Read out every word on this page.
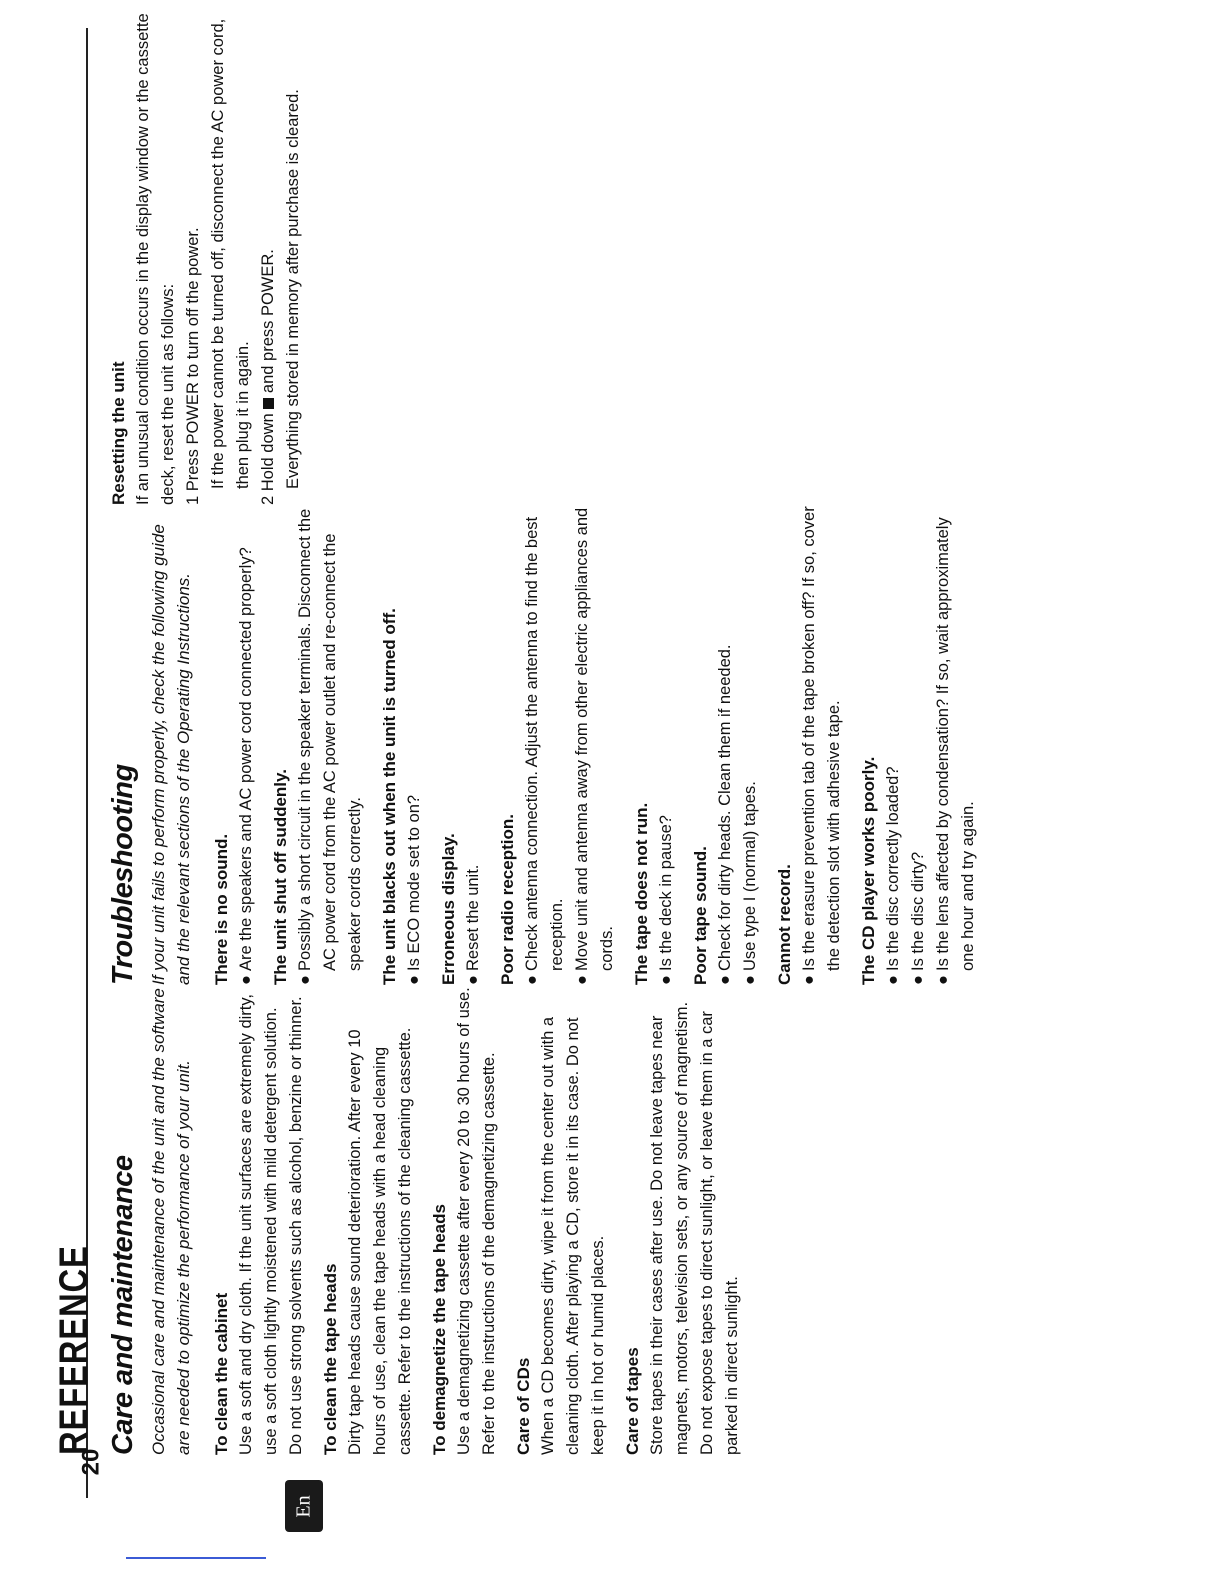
20
En
REFERENCE Care and maintenance Occasional care and maintenance of the unit and the software are needed to optimize the performance of your unit. To clean the cabinet Use a soft and dry cloth. If the unit surfaces are extremely dirty, use a soft cloth lightly moistened with mild detergent solution. Do not use strong solvents such as alcohol, benzine or thinner. To clean the tape heads Dirty tape heads cause sound deterioration. After every 10 hours of use, clean the tape heads with a head cleaning cassette. Refer to the instructions of the cleaning cassette. To demagnetize the tape heads Use a demagnetizing cassette after every 20 to 30 hours of use. Refer to the instructions of the demagnetizing cassette. Care of CDs When a CD becomes dirty, wipe it from the center out with a cleaning cloth. After playing a CD, store it in its case. Do not keep it in hot or humid places. Care of tapes Store tapes in their cases after use. Do not leave tapes near magnets, motors, television sets, or any source of magnetism. Do not expose tapes to direct sunlight, or leave them in a car parked in direct sunlight.

Troubleshooting If your unit fails to perform properly, check the following guide and the relevant sections of the Operating Instructions. There is no sound. ●Are the speakers and AC power cord connected properly? The unit shut off suddenly. ●Possibly a short circuit in the speaker terminals. Disconnect the AC power cord from the AC power outlet and re-connect the speaker cords correctly. The unit blacks out when the unit is turned off. ●Is ECO mode set to on? Erroneous display. ●Reset the unit. Poor radio reception. ●Check antenna connection. Adjust the antenna to find the best reception.
●Move unit and antenna away from other electric appliances and cords. The tape does not run. ●Is the deck in pause? Poor tape sound. ●Check for dirty heads. Clean them if needed.
●Use type I (normal) tapes. Cannot record. ●Is the erasure prevention tab of the tape broken off? If so, cover the detection slot with adhesive tape. The CD player works poorly. ●Is the disc correctly loaded?
●Is the disc dirty?
●Is the lens affected by condensation? If so, wait approximately one hour and try again.
Resetting the unit If an unusual condition occurs in the display window or the cassette deck, reset the unit as follows: 1 Press POWER to turn off the power. If the power cannot be turned off, disconnect the AC power cord, then plug it in again. 2 Hold down  and press POWER. Everything stored in memory after purchase is cleared.
